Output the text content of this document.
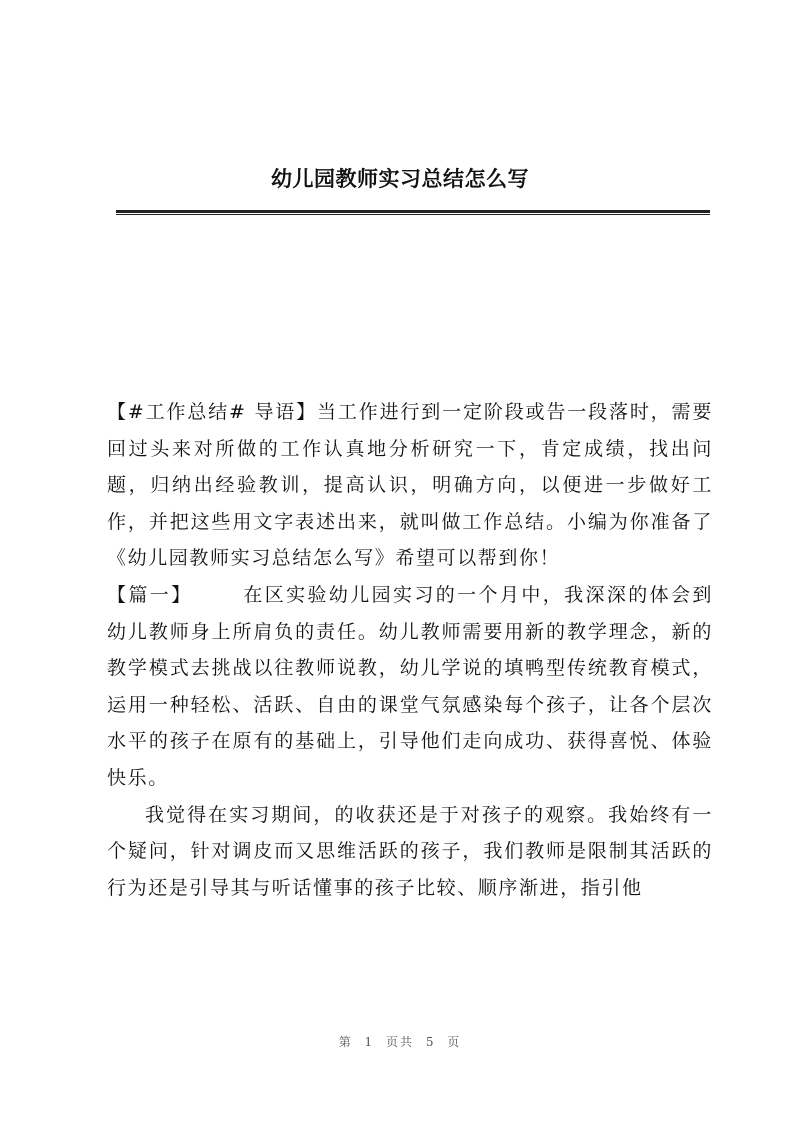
幼儿园教师实习总结怎么写

【#工作总结# 导语】当工作进行到一定阶段或告一段落时，需要回过头来对所做的工作认真地分析研究一下，肯定成绩，找出问题，归纳出经验教训，提高认识，明确方向，以便进一步做好工作，并把这些用文字表述出来，就叫做工作总结。小编为你准备了《幼儿园教师实习总结怎么写》希望可以帮到你！

【篇一】	在区实验幼儿园实习的一个月中，我深深的体会到幼儿教师身上所肩负的责任。幼儿教师需要用新的教学理念，新的教学模式去挑战以往教师说教，幼儿学说的填鸭型传统教育模式，运用一种轻松、活跃、自由的课堂气氛感染每个孩子，让各个层次水平的孩子在原有的基础上，引导他们走向成功、获得喜悦、体验快乐。

我觉得在实习期间，的收获还是于对孩子的观察。我始终有一个疑问，针对调皮而又思维活跃的孩子，我们教师是限制其活跃的行为还是引导其与听话懂事的孩子比较、顺序渐进，指引他

第 1 页共 5 页
